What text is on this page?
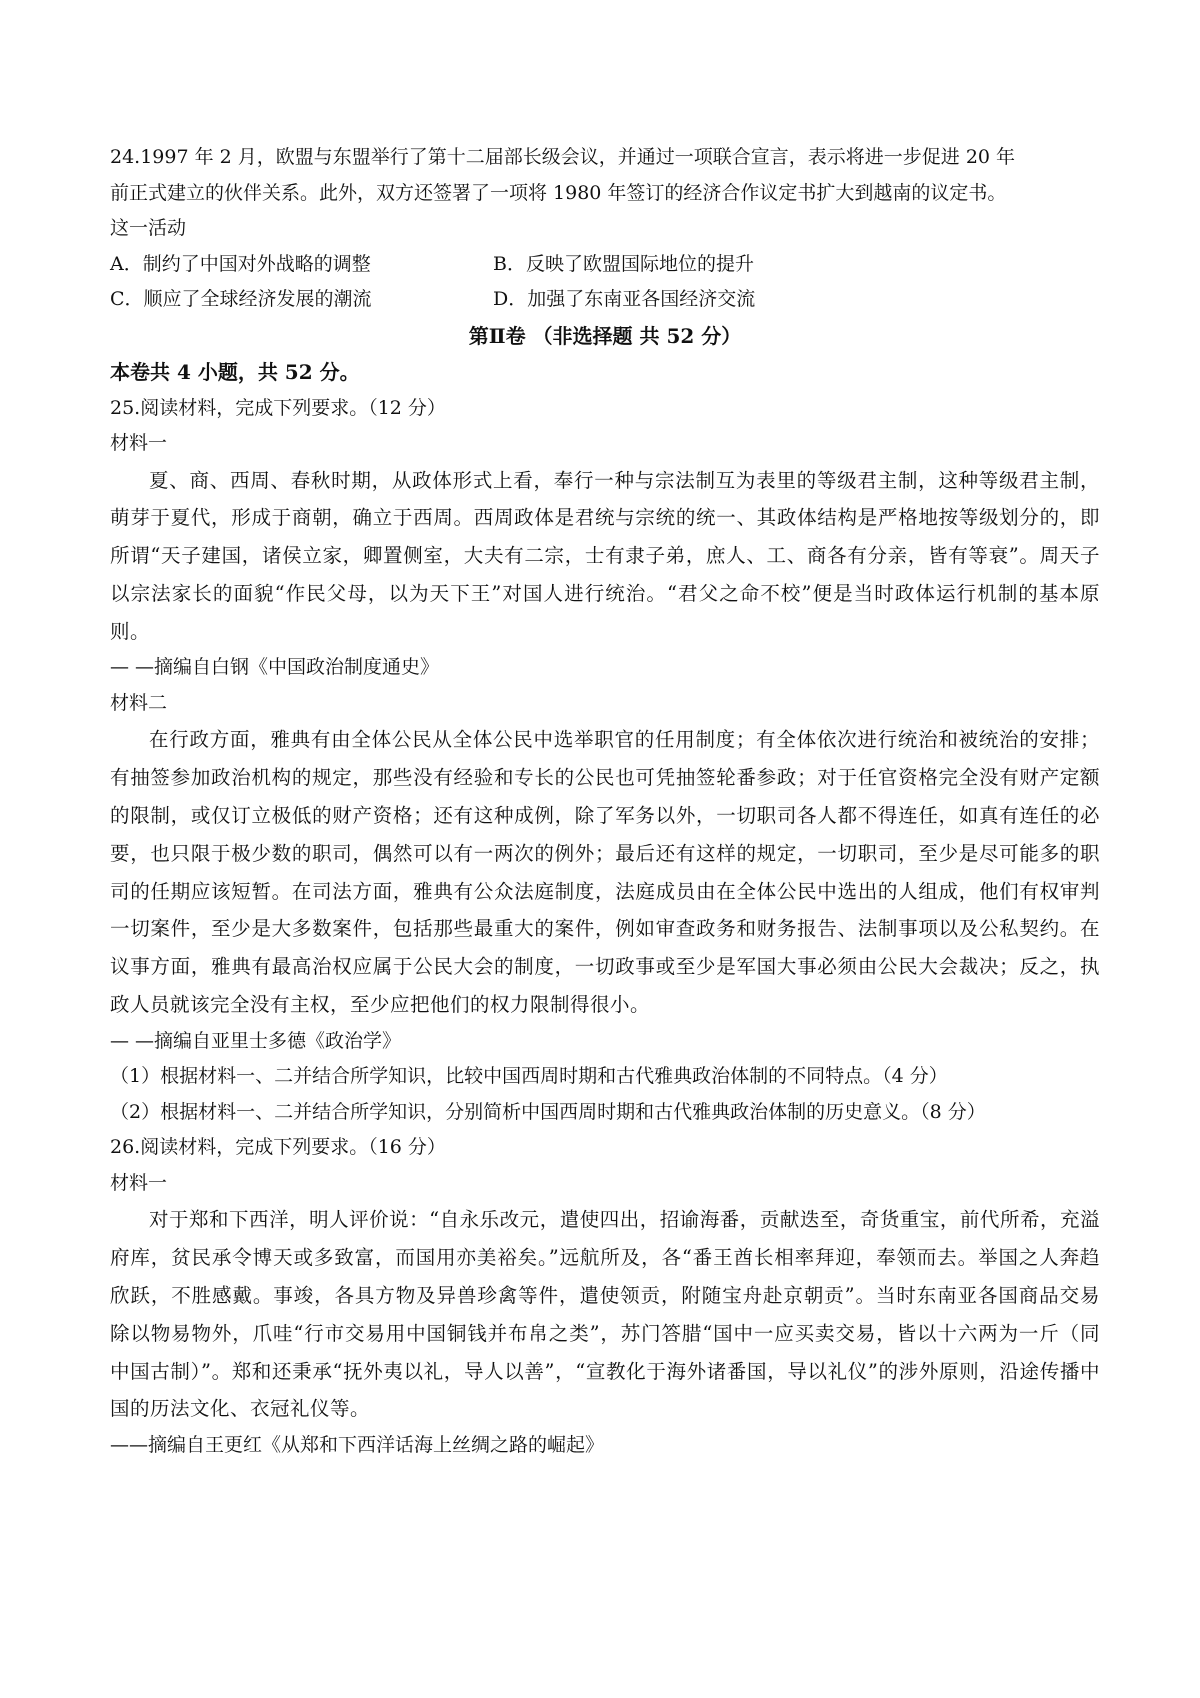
24.1997 年 2 月，欧盟与东盟举行了第十二届部长级会议，并通过一项联合宣言，表示将进一步促进 20 年
前正式建立的伙伴关系。此外，双方还签署了一项将 1980 年签订的经济合作议定书扩大到越南的议定书。
这一活动
A．制约了中国对外战略的调整	B．反映了欧盟国际地位的提升
C．顺应了全球经济发展的潮流	D．加强了东南亚各国经济交流
第Ⅱ卷 （非选择题 共 52 分）
本卷共 4 小题，共 52 分。
25.阅读材料，完成下列要求。（12 分）
材料一
夏、商、西周、春秋时期，从政体形式上看，奉行一种与宗法制互为表里的等级君主制，这种等级君主制，萌芽于夏代，形成于商朝，确立于西周。西周政体是君统与宗统的统一、其政体结构是严格地按等级划分的，即所谓“天子建国，诸侯立家，卿置侧室，大夫有二宗，士有隶子弟，庶人、工、商各有分亲，皆有等衰”。周天子以宗法家长的面貌“作民父母，以为天下王”对国人进行统治。“君父之命不校”便是当时政体运行机制的基本原则。
— —摘编自白钢《中国政治制度通史》
材料二
在行政方面，雅典有由全体公民从全体公民中选举职官的任用制度；有全体依次进行统治和被统治的安排；有抽签参加政治机构的规定，那些没有经验和专长的公民也可凭抽签轮番参政；对于任官资格完全没有财产定额的限制，或仅订立极低的财产资格；还有这种成例，除了军务以外，一切职司各人都不得连任，如真有连任的必要，也只限于极少数的职司，偶然可以有一两次的例外；最后还有这样的规定，一切职司，至少是尽可能多的职司的任期应该短暂。在司法方面，雅典有公众法庭制度，法庭成员由在全体公民中选出的人组成，他们有权审判一切案件，至少是大多数案件，包括那些最重大的案件，例如审查政务和财务报告、法制事项以及公私契约。在议事方面，雅典有最高治权应属于公民大会的制度，一切政事或至少是军国大事必须由公民大会裁决；反之，执政人员就该完全没有主权，至少应把他们的权力限制得很小。
— —摘编自亚里士多德《政治学》
（1）根据材料一、二并结合所学知识，比较中国西周时期和古代雅典政治体制的不同特点。（4 分）
（2）根据材料一、二并结合所学知识，分别简析中国西周时期和古代雅典政治体制的历史意义。（8 分）
26.阅读材料，完成下列要求。（16 分）
材料一
对于郑和下西洋，明人评价说：“自永乐改元，遣使四出，招谕海番，贡献迭至，奇货重宝，前代所希，充溢府库，贫民承令博天或多致富，而国用亦美裕矣。”远航所及，各“番王酋长相率拜迎，奉领而去。举国之人奔趋欣跃，不胜感戴。事竣，各具方物及异兽珍禽等件，遣使领贡，附随宝舟赴京朝贡”。当时东南亚各国商品交易除以物易物外，爪哇“行市交易用中国铜钱并布帛之类”，苏门答腊“国中一应买卖交易，皆以十六两为一斤（同中国古制）”。郑和还秉承“抚外夷以礼，导人以善”，“宣教化于海外诸番国，导以礼仪”的涉外原则，沿途传播中国的历法文化、衣冠礼仪等。
——摘编自王更红《从郑和下西洋话海上丝绸之路的崛起》
